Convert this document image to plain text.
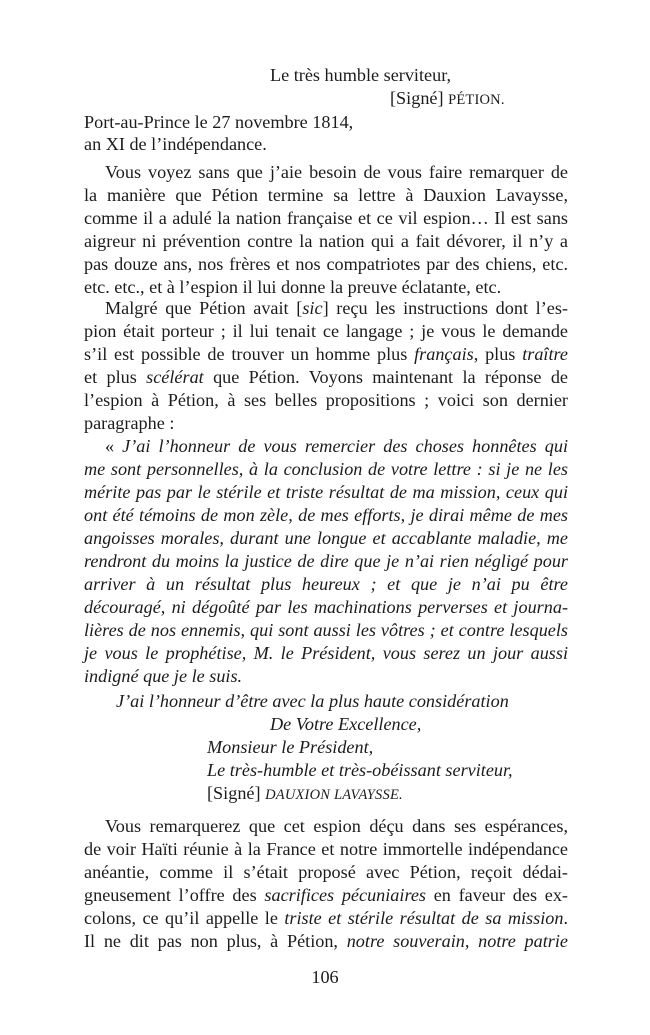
Le très humble serviteur,
[Signé] PÉTION.
Port-au-Prince le 27 novembre 1814,
an XI de l’indépendance.
Vous voyez sans que j’aie besoin de vous faire remarquer de
la manière que Pétion termine sa lettre à Dauxion Lavaysse,
comme il a adulé la nation française et ce vil espion… Il est sans
aigreur ni prévention contre la nation qui a fait dévorer, il n’y a
pas douze ans, nos frères et nos compatriotes par des chiens, etc.
etc. etc., et à l’espion il lui donne la preuve éclatante, etc.
Malgré que Pétion avait [sic] reçu les instructions dont l’es-
pion était porteur ; il lui tenait ce langage ; je vous le demande
s’il est possible de trouver un homme plus français, plus traître
et plus scélérat que Pétion. Voyons maintenant la réponse de
l’espion à Pétion, à ses belles propositions ; voici son dernier
paragraphe :
« J’ai l’honneur de vous remercier des choses honnêtes qui
me sont personnelles, à la conclusion de votre lettre : si je ne les
mérite pas par le stérile et triste résultat de ma mission, ceux qui
ont été témoins de mon zèle, de mes efforts, je dirai même de mes
angoisses morales, durant une longue et accablante maladie, me
rendront du moins la justice de dire que je n’ai rien négligé pour
arriver à un résultat plus heureux ; et que je n’ai pu être
découragé, ni dégoûté par les machinations perverses et journa-
lières de nos ennemis, qui sont aussi les vôtres ; et contre lesquels
je vous le prophétise, M. le Président, vous serez un jour aussi
indigné que je le suis.
J’ai l’honneur d’être avec la plus haute considération
De Votre Excellence,
Monsieur le Président,
Le très-humble et très-obéissant serviteur,
[Signé] DAUXION LAVAYSSE.
Vous remarquerez que cet espion déçu dans ses espérances,
de voir Haïti réunie à la France et notre immortelle indépendance
anéantie, comme il s’était proposé avec Pétion, reçoit dédai-
gneusement l’offre des sacrifices pécuniaires en faveur des ex-
colons, ce qu’il appelle le triste et stérile résultat de sa mission.
Il ne dit pas non plus, à Pétion, notre souverain, notre patrie
106
